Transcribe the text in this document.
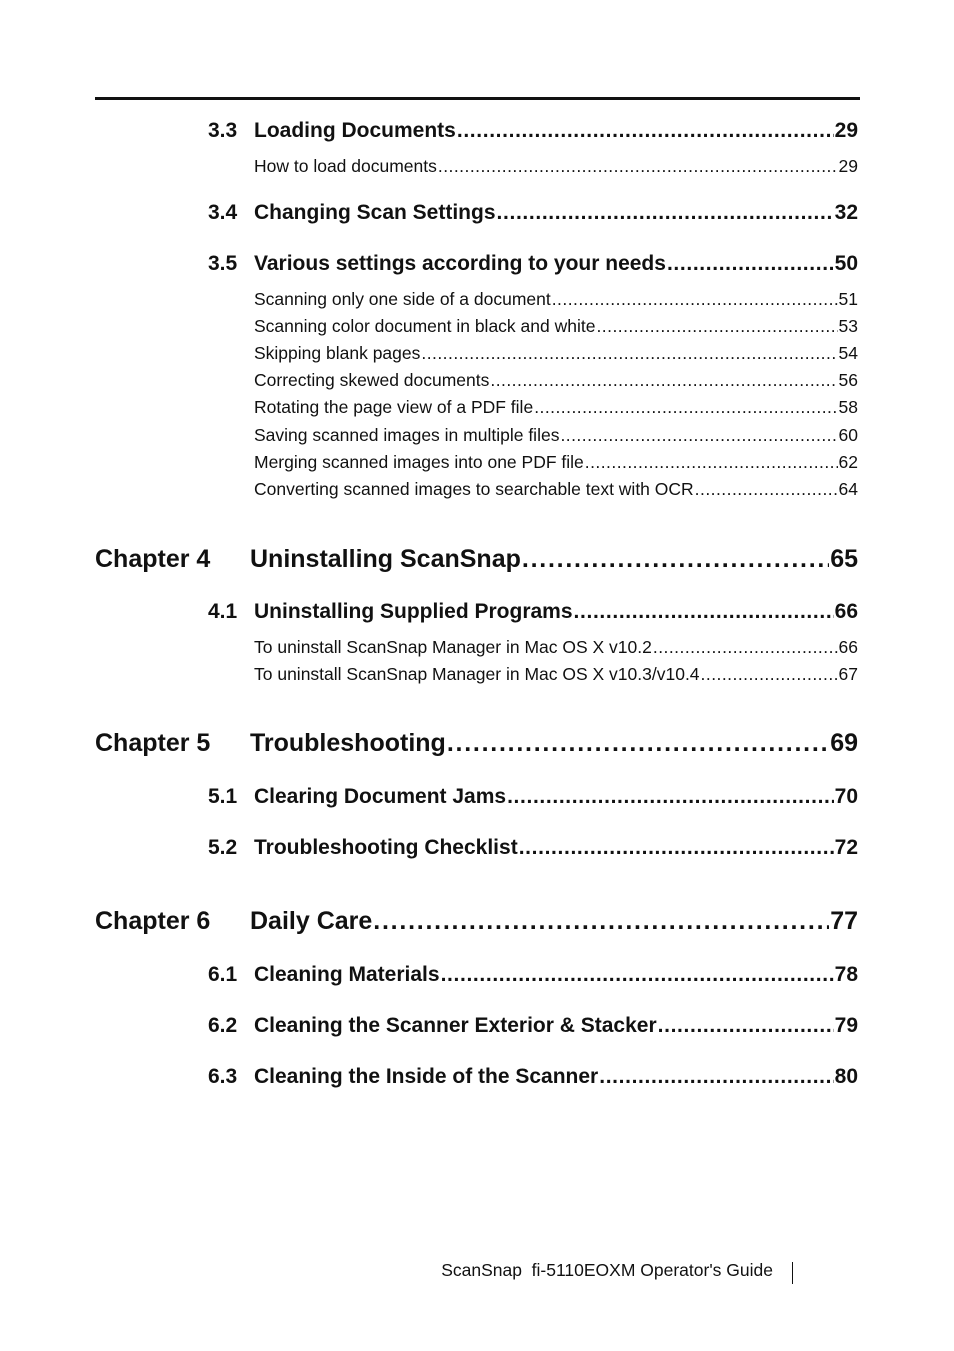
3.3 Loading Documents . . .	29
How to load documents . . .	29
3.4 Changing Scan Settings . . .	32
3.5 Various settings according to your needs . . .	50
Scanning only one side of a document . . .	51
Scanning color document in black and white . . .	53
Skipping blank pages . . .	54
Correcting skewed documents . . .	56
Rotating the page view of a PDF file . . .	58
Saving scanned images in multiple files . . .	60
Merging scanned images into one PDF file . . .	62
Converting scanned images to searchable text with OCR . . .	64
Chapter 4 Uninstalling ScanSnap . . .	65
4.1 Uninstalling Supplied Programs . . .	66
To uninstall ScanSnap Manager in Mac OS X v10.2 . . .	66
To uninstall ScanSnap Manager in Mac OS X v10.3/v10.4 . . .	67
Chapter 5 Troubleshooting . . .	69
5.1 Clearing Document Jams . . .	70
5.2 Troubleshooting Checklist . . .	72
Chapter 6 Daily Care . . .	77
6.1 Cleaning Materials . . .	78
6.2 Cleaning the Scanner Exterior & Stacker . . .	79
6.3 Cleaning the Inside of the Scanner . . .	80
ScanSnap  fi-5110EOXM Operator's Guide
